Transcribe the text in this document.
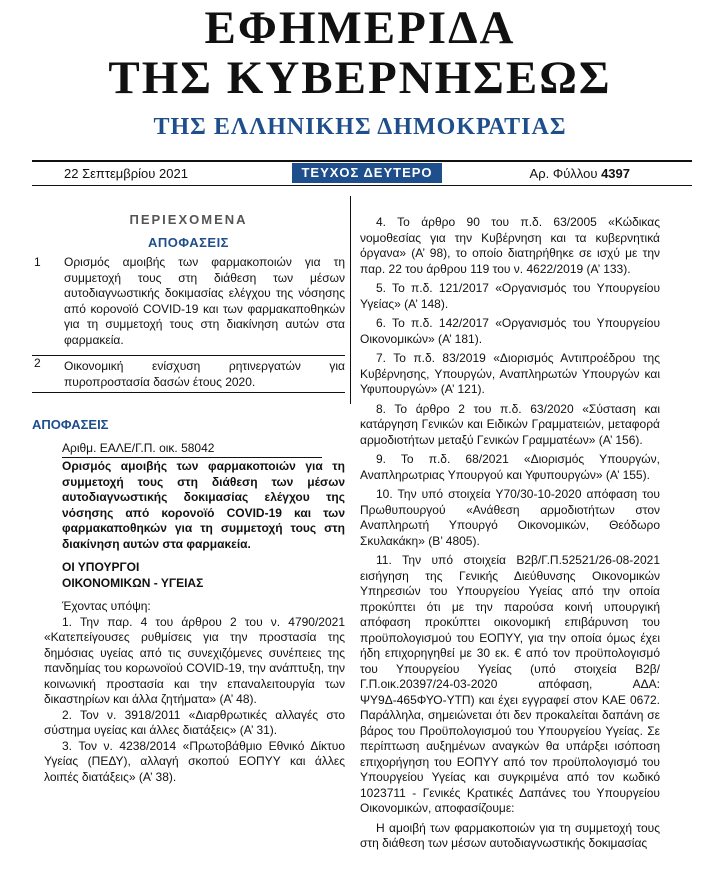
ΕΦΗΜΕΡΙΔΑ
ΤΗΣ ΚΥΒΕΡΝΗΣΕΩΣ
ΤΗΣ ΕΛΛΗΝΙΚΗΣ ΔΗΜΟΚΡΑΤΙΑΣ
22 Σεπτεμβρίου 2021	ΤΕΥΧΟΣ ΔΕΥΤΕΡΟ	Αρ. Φύλλου 4397
ΠΕΡΙΕΧΟΜΕΝΑ
ΑΠΟΦΑΣΕΙΣ
1 Ορισμός αμοιβής των φαρμακοποιών για τη συμμετοχή τους στη διάθεση των μέσων αυτοδιαγνωστικής δοκιμασίας ελέγχου της νόσησης από κορονοϊό COVID-19 και των φαρμακαποθηκών για τη συμμετοχή τους στη διακίνηση αυτών στα φαρμακεία.
2 Οικονομική ενίσχυση ρητινεργατών για πυροπροστασία δασών έτους 2020.
ΑΠΟΦΑΣΕΙΣ
Αριθμ. ΕΑΛΕ/Γ.Π. οικ. 58042
Ορισμός αμοιβής των φαρμακοποιών για τη συμμετοχή τους στη διάθεση των μέσων αυτοδιαγνωστικής δοκιμασίας ελέγχου της νόσησης από κορονοϊό COVID-19 και των φαρμακαποθηκών για τη συμμετοχή τους στη διακίνηση αυτών στα φαρμακεία.
ΟΙ ΥΠΟΥΡΓΟΙ
ΟΙΚΟΝΟΜΙΚΩΝ - ΥΓΕΙΑΣ
Έχοντας υπόψη:
1. Την παρ. 4 του άρθρου 2 του ν. 4790/2021 «Κατεπείγουσες ρυθμίσεις για την προστασία της δημόσιας υγείας από τις συνεχιζόμενες συνέπειες της πανδημίας του κορωνοϊού COVID-19, την ανάπτυξη, την κοινωνική προστασία και την επαναλειτουργία των δικαστηρίων και άλλα ζητήματα» (Α’ 48).
2. Τον ν. 3918/2011 «Διαρθρωτικές αλλαγές στο σύστημα υγείας και άλλες διατάξεις» (Α’ 31).
3. Τον ν. 4238/2014 «Πρωτοβάθμιο Εθνικό Δίκτυο Υγείας (ΠΕΔΥ), αλλαγή σκοπού ΕΟΠΥΥ και άλλες λοιπές διατάξεις» (Α’ 38).
4. Το άρθρο 90 του π.δ. 63/2005 «Κώδικας νομοθεσίας για την Κυβέρνηση και τα κυβερνητικά όργανα» (Α’ 98), το οποίο διατηρήθηκε σε ισχύ με την παρ. 22 του άρθρου 119 του ν. 4622/2019 (Α’ 133).
5. Το π.δ. 121/2017 «Οργανισμός του Υπουργείου Υγείας» (Α’ 148).
6. Το π.δ. 142/2017 «Οργανισμός του Υπουργείου Οικονομικών» (Α’ 181).
7. Το π.δ. 83/2019 «Διορισμός Αντιπροέδρου της Κυβέρνησης, Υπουργών, Αναπληρωτών Υπουργών και Υφυπουργών» (Α’ 121).
8. Το άρθρο 2 του π.δ. 63/2020 «Σύσταση και κατάργηση Γενικών και Ειδικών Γραμματειών, μεταφορά αρμοδιοτήτων μεταξύ Γενικών Γραμματέων» (Α’ 156).
9. Το π.δ. 68/2021 «Διορισμός Υπουργών, Αναπληρωτριας Υπουργού και Υφυπουργών» (Α’ 155).
10. Την υπό στοιχεία Υ70/30-10-2020 απόφαση του Πρωθυπουργού «Ανάθεση αρμοδιοτήτων στον Αναπληρωτή Υπουργό Οικονομικών, Θεόδωρο Σκυλακάκη» (Β’ 4805).
11. Την υπό στοιχεία Β2β/Γ.Π.52521/26-08-2021 εισήγηση της Γενικής Διεύθυνσης Οικονομικών Υπηρεσιών του Υπουργείου Υγείας από την οποία προκύπτει ότι με την παρούσα κοινή υπουργική απόφαση προκύπτει οικονομική επιβάρυνση του προϋπολογισμού του ΕΟΠΥΥ, για την οποία όμως έχει ήδη επιχορηγηθεί με 30 εκ. € από τον προϋπολογισμό του Υπουργείου Υγείας (υπό στοιχεία Β2β/Γ.Π.οικ.20397/24-03-2020 απόφαση, ΑΔΑ: ΨΥ9Δ-465ΦΥΟ-ΥΤΠ) και έχει εγγραφεί στον ΚΑΕ 0672. Παράλληλα, σημειώνεται ότι δεν προκαλείται δαπάνη σε βάρος του Προϋπολογισμού του Υπουργείου Υγείας. Σε περίπτωση αυξημένων αναγκών θα υπάρξει ισόποση επιχορήγηση του ΕΟΠΥΥ από τον προϋπολογισμό του Υπουργείου Υγείας και συγκριμένα από τον κωδικό 1023711 - Γενικές Κρατικές Δαπάνες του Υπουργείου Οικονομικών, αποφασίζουμε:
Η αμοιβή των φαρμακοποιών για τη συμμετοχή τους στη διάθεση των μέσων αυτοδιαγνωστικής δοκιμασίας
